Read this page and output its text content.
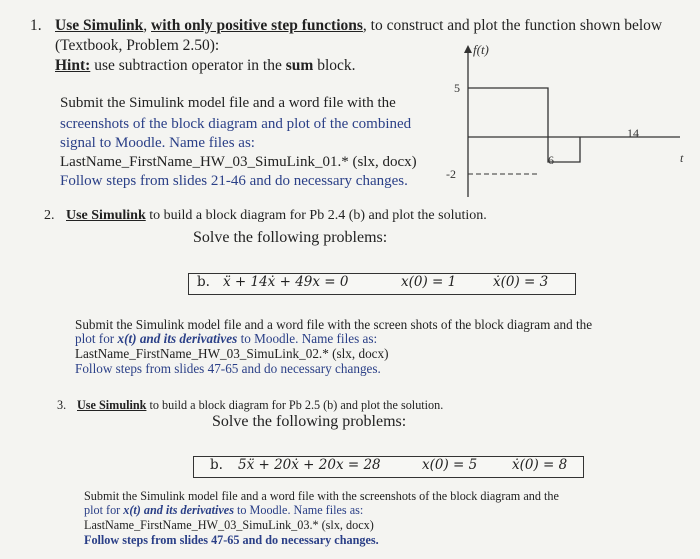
1. Use Simulink, with only positive step functions, to construct and plot the function shown below
(Textbook, Problem 2.50):
Hint: use subtraction operator in the sum block.
Submit the Simulink model file and a word file with the
screenshots of the block diagram and plot of the combined
signal to Moodle. Name files as:
LastName_FirstName_HW_03_SimuLink_01.* (slx, docx)
Follow steps from slides 21-46 and do necessary changes.
f(t)
5
-2
6
14
t
2. Use Simulink to build a block diagram for Pb 2.4 (b) and plot the solution.
Solve the following problems:
b. ẍ + 14ẋ + 49x = 0	x(0) = 1	ẋ(0) = 3
Submit the Simulink model file and a word file with the screen shots of the block diagram and the
plot for x(t) and its derivatives to Moodle. Name files as:
LastName_FirstName_HW_03_SimuLink_02.* (slx, docx)
Follow steps from slides 47-65 and do necessary changes.
3. Use Simulink to build a block diagram for Pb 2.5 (b) and plot the solution.
Solve the following problems:
b. 5ẍ + 20ẋ + 20x = 28	x(0) = 5	ẋ(0) = 8
Submit the Simulink model file and a word file with the screenshots of the block diagram and the
plot for x(t) and its derivatives to Moodle. Name files as:
LastName_FirstName_HW_03_SimuLink_03.* (slx, docx)
Follow steps from slides 47-65 and do necessary changes.
